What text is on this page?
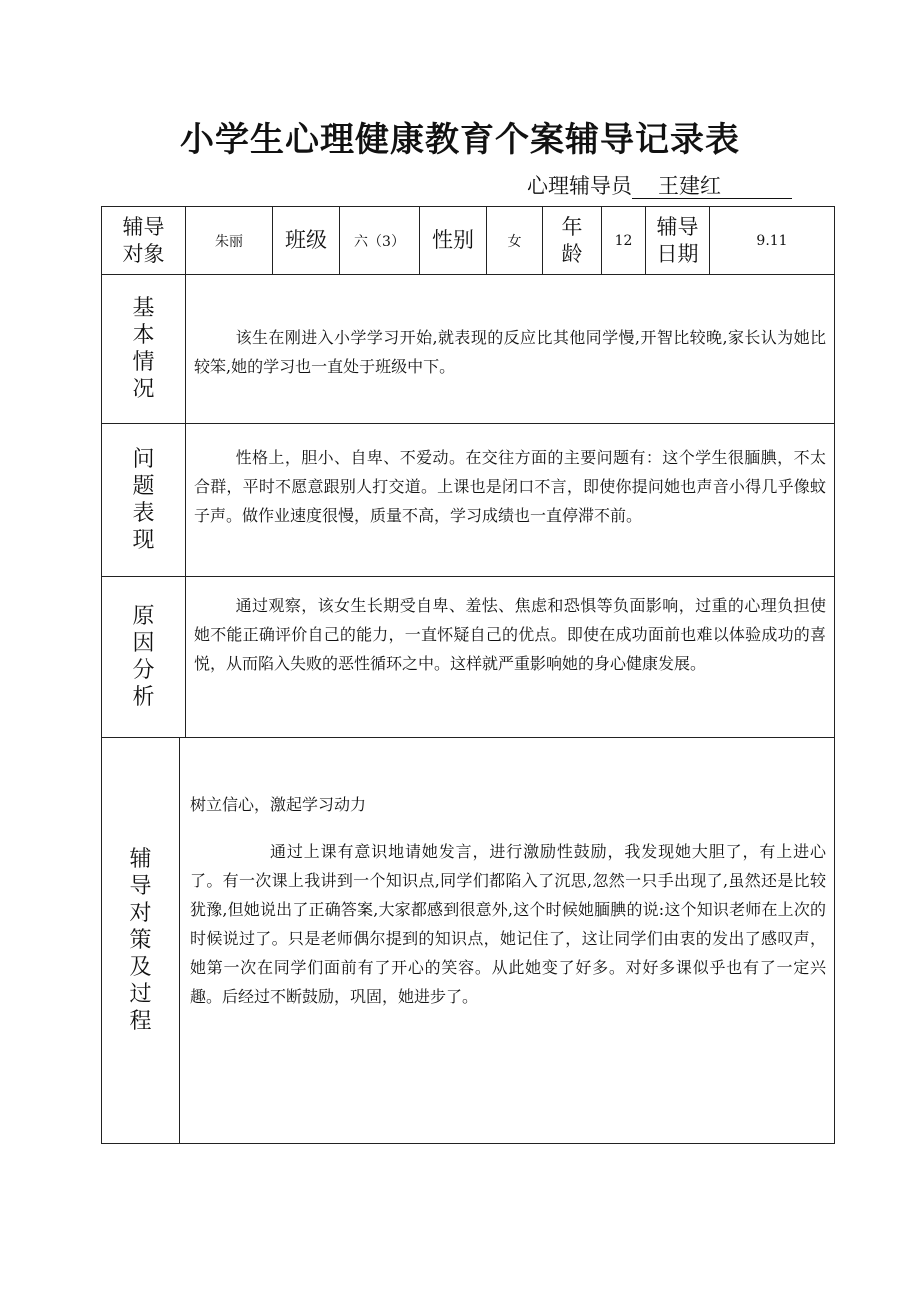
小学生心理健康教育个案辅导记录表
心理辅导员 王建红
辅导对象	朱丽 班级 六（3） 性别 女
年龄
12
辅导日期
9.11
基本情况
该生在刚进入小学学习开始,就表现的反应比其他同学慢,开智比较晚,家长认为她比较笨,她的学习也一直处于班级中下。
问题表现
性格上，胆小、自卑、不爱动。在交往方面的主要问题有：这个学生很腼腆，不太合群，平时不愿意跟别人打交道。上课也是闭口不言，即使你提问她也声音小得几乎像蚊子声。做作业速度很慢，质量不高，学习成绩也一直停滞不前。
原因分析
通过观察，该女生长期受自卑、羞怯、焦虑和恐惧等负面影响，过重的心理负担使她不能正确评价自己的能力，一直怀疑自己的优点。即使在成功面前也难以体验成功的喜悦，从而陷入失败的恶性循环之中。这样就严重影响她的身心健康发展。
辅导对策及过程
树立信心，激起学习动力

通过上课有意识地请她发言，进行激励性鼓励，我发现她大胆了，有上进心了。有一次课上我讲到一个知识点,同学们都陷入了沉思,忽然一只手出现了,虽然还是比较犹豫,但她说出了正确答案,大家都感到很意外,这个时候她腼腆的说:这个知识老师在上次的时候说过了。只是老师偶尔提到的知识点，她记住了，这让同学们由衷的发出了感叹声，她第一次在同学们面前有了开心的笑容。从此她变了好多。对好多课似乎也有了一定兴趣。后经过不断鼓励，巩固，她进步了。
